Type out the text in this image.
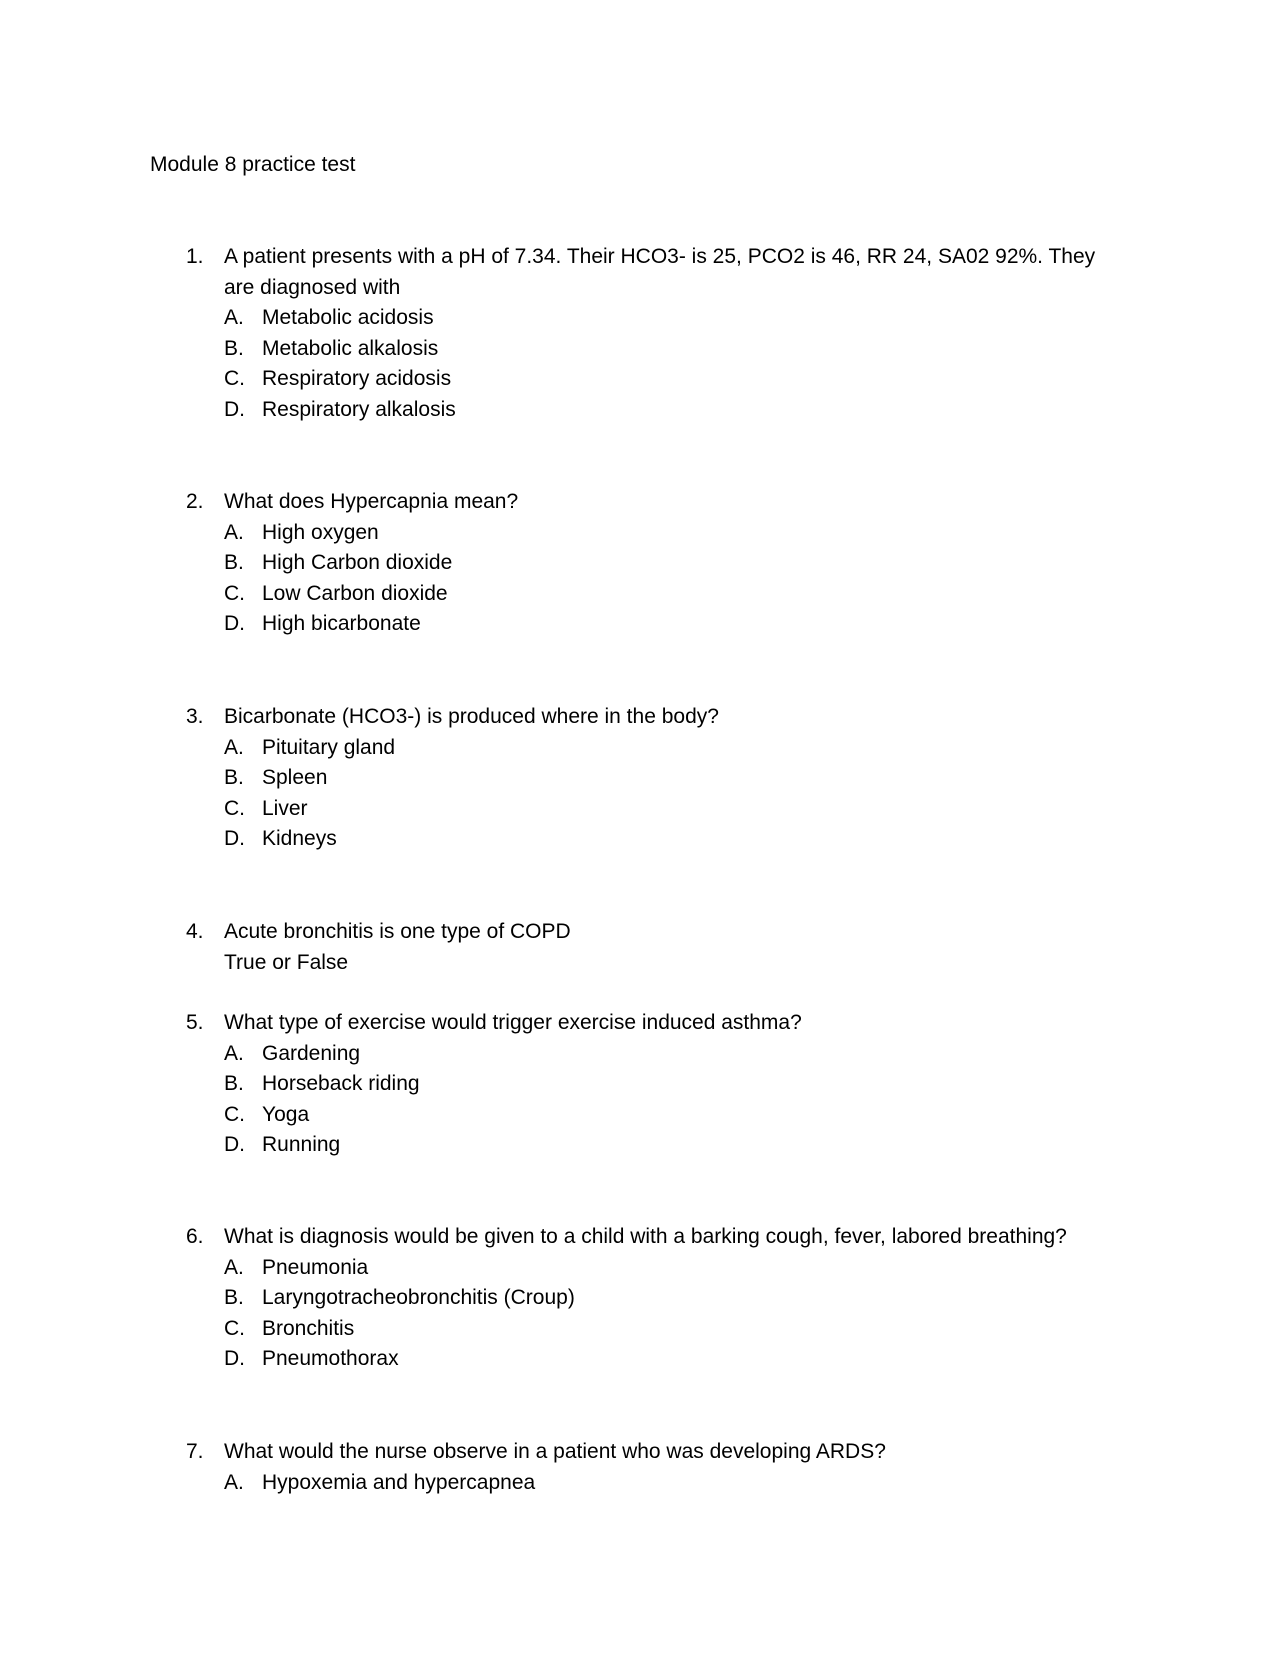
Module 8 practice test
1. A patient presents with a pH of 7.34. Their HCO3- is 25, PCO2 is 46, RR 24, SA02 92%. They are diagnosed with
A. Metabolic acidosis
B. Metabolic alkalosis
C. Respiratory acidosis
D. Respiratory alkalosis
2. What does Hypercapnia mean?
A. High oxygen
B. High Carbon dioxide
C. Low Carbon dioxide
D. High bicarbonate
3. Bicarbonate (HCO3-) is produced where in the body?
A. Pituitary gland
B. Spleen
C. Liver
D. Kidneys
4. Acute bronchitis is one type of COPD
True or False
5. What type of exercise would trigger exercise induced asthma?
A. Gardening
B. Horseback riding
C. Yoga
D. Running
6. What is diagnosis would be given to a child with a barking cough, fever, labored breathing?
A. Pneumonia
B. Laryngotracheobronchitis (Croup)
C. Bronchitis
D. Pneumothorax
7. What would the nurse observe in a patient who was developing ARDS?
A. Hypoxemia and hypercapnea
